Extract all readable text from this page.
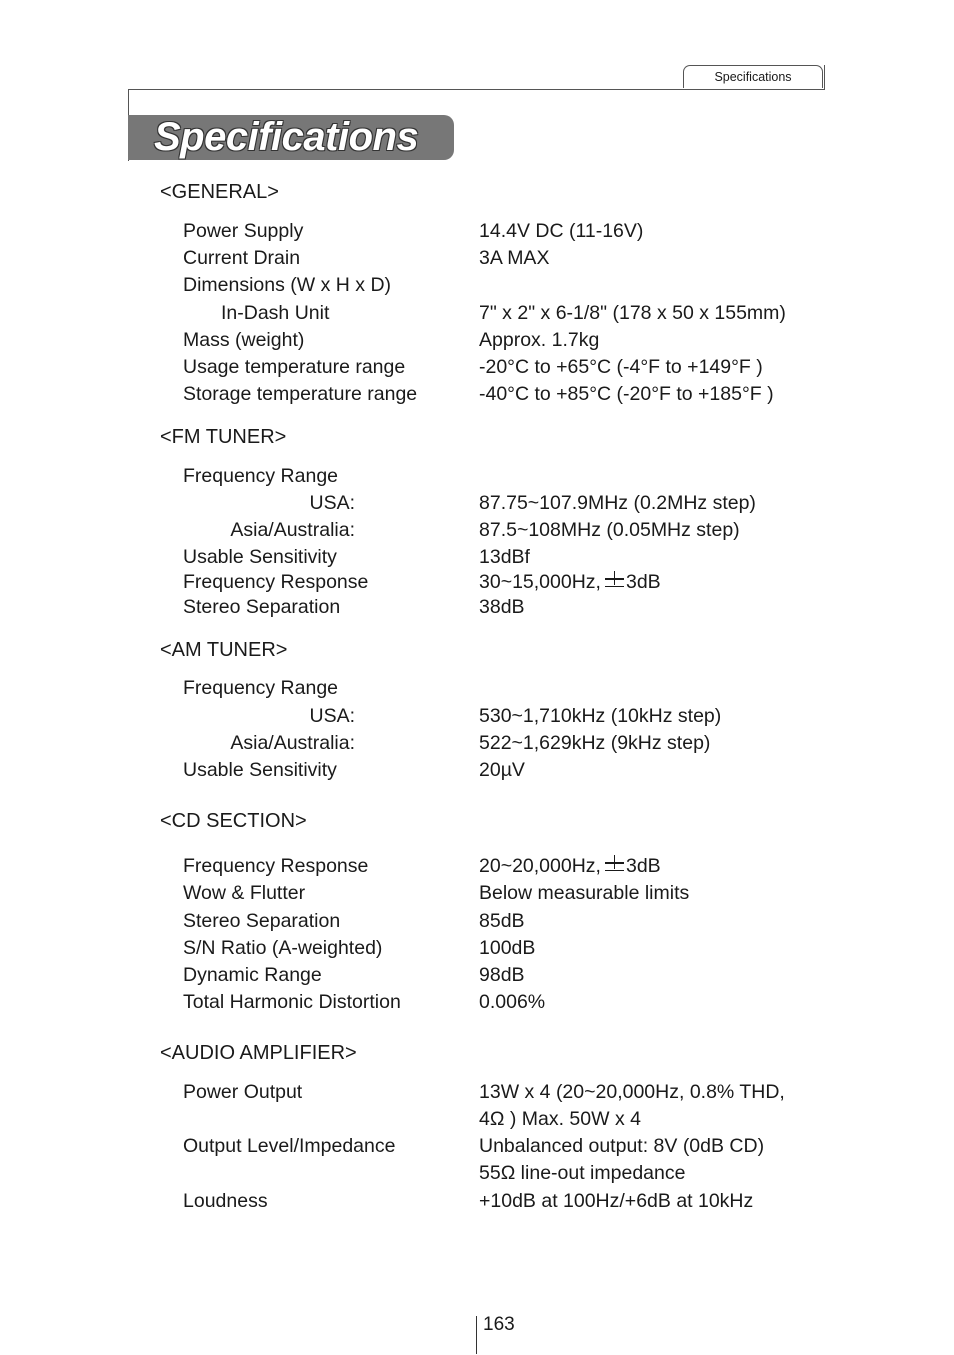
Specifications
Specifications
<GENERAL>
Power Supply	14.4V DC (11-16V)
Current Drain	3A MAX
Dimensions (W x H x D)
In-Dash Unit	7" x 2" x 6-1/8" (178 x 50 x 155mm)
Mass (weight)	Approx. 1.7kg
Usage temperature range	-20°C to +65°C (-4°F to +149°F )
Storage temperature range	-40°C to +85°C (-20°F to +185°F )
<FM TUNER>
Frequency Range
USA:	87.75~107.9MHz (0.2MHz step)
Asia/Australia:	87.5~108MHz (0.05MHz step)
Usable Sensitivity	13dBf
Frequency Response	30~15,000Hz, 3dB
Stereo Separation	38dB
<AM TUNER>
Frequency Range
USA:	530~1,710kHz (10kHz step)
Asia/Australia:	522~1,629kHz (9kHz step)
Usable Sensitivity	20µV
<CD SECTION>
Frequency Response	20~20,000Hz, 3dB
Wow & Flutter	Below measurable limits
Stereo Separation	85dB
S/N Ratio (A-weighted)	100dB
Dynamic Range	98dB
Total Harmonic Distortion	0.006%
<AUDIO AMPLIFIER>
Power Output	13W x 4 (20~20,000Hz, 0.8% THD,
4Ω ) Max. 50W x 4
Output Level/Impedance	Unbalanced output: 8V (0dB CD)
55Ω line-out impedance
Loudness	+10dB at 100Hz/+6dB at 10kHz
163
